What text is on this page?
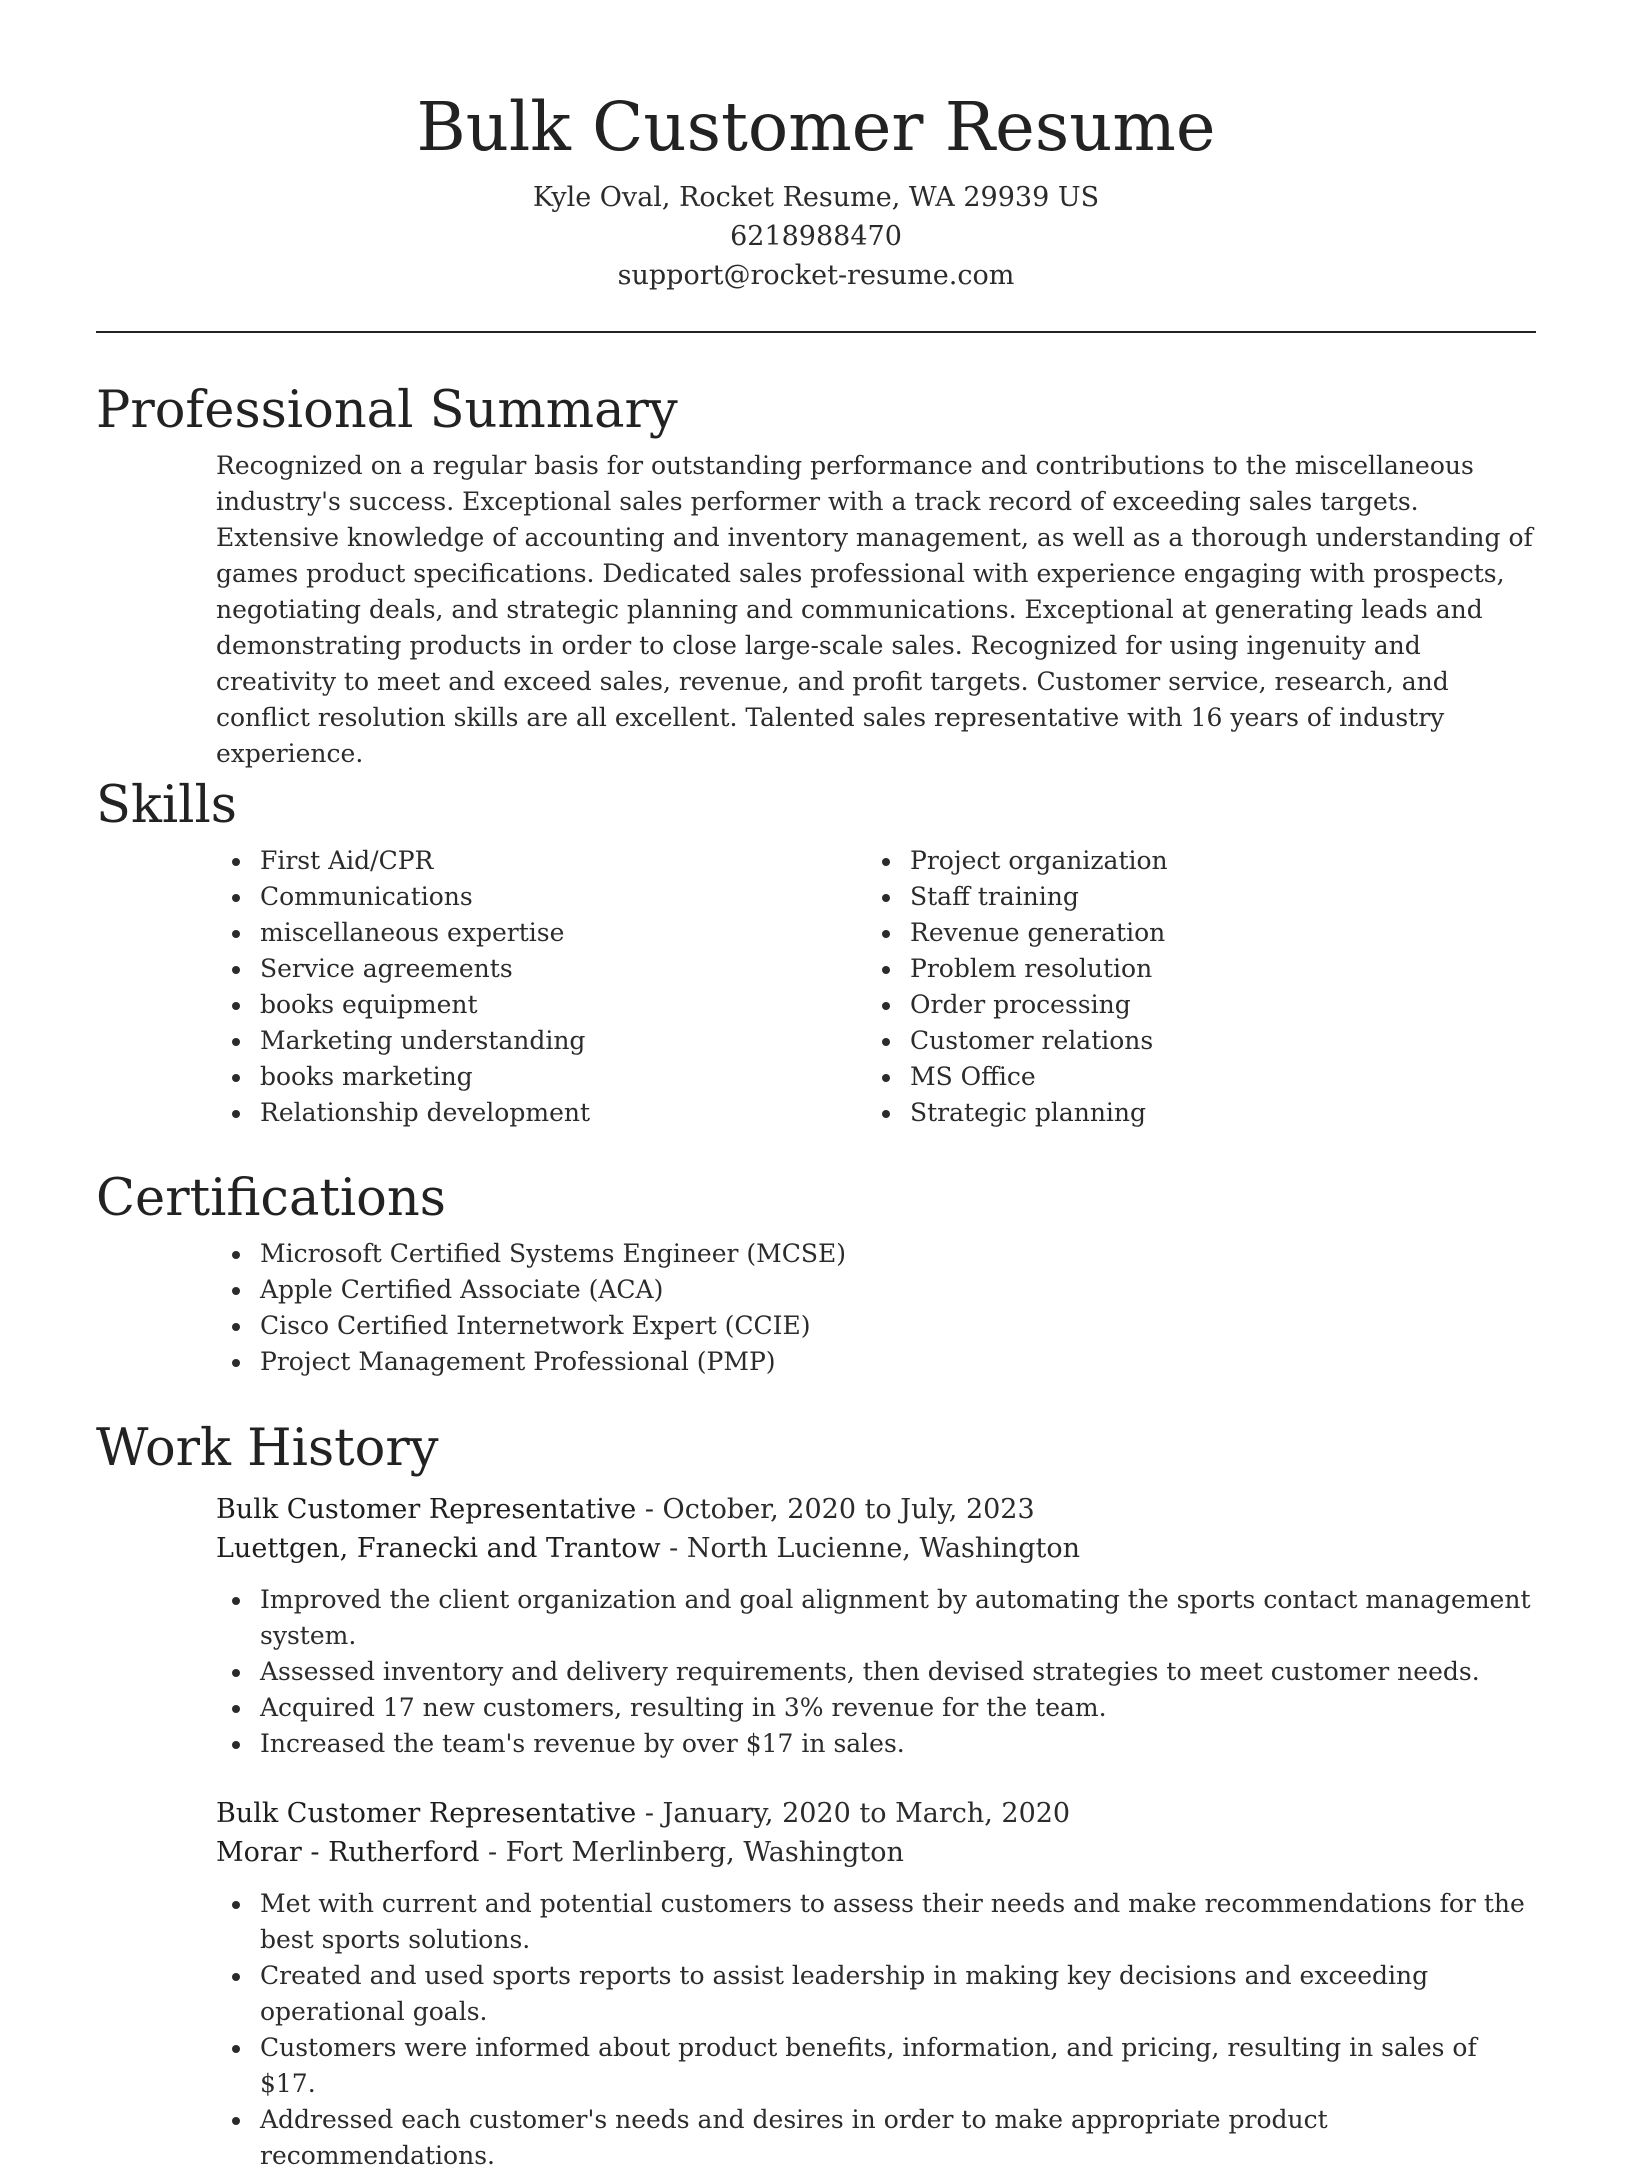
Bulk Customer Resume
Kyle Oval, Rocket Resume, WA 29939 US
6218988470
support@rocket-resume.com
Professional Summary

Recognized on a regular basis for outstanding performance and contributions to the miscellaneous industry's success. Exceptional sales performer with a track record of exceeding sales targets. Extensive knowledge of accounting and inventory management, as well as a thorough understanding of games product specifications. Dedicated sales professional with experience engaging with prospects, negotiating deals, and strategic planning and communications. Exceptional at generating leads and demonstrating products in order to close large-scale sales. Recognized for using ingenuity and creativity to meet and exceed sales, revenue, and profit targets. Customer service, research, and conflict resolution skills are all excellent. Talented sales representative with 16 years of industry experience.

Skills
First Aid/CPR
Communications
miscellaneous expertise
Service agreements
books equipment
Marketing understanding
books marketing
Relationship development
Project organization
Staff training
Revenue generation
Problem resolution
Order processing
Customer relations
MS Office
Strategic planning
Certifications
Microsoft Certified Systems Engineer (MCSE)
Apple Certified Associate (ACA)
Cisco Certified Internetwork Expert (CCIE)
Project Management Professional (PMP)
Work History
Bulk Customer Representative - October, 2020 to July, 2023
Luettgen, Franecki and Trantow - North Lucienne, Washington
Improved the client organization and goal alignment by automating the sports contact management system.
Assessed inventory and delivery requirements, then devised strategies to meet customer needs.
Acquired 17 new customers, resulting in 3% revenue for the team.
Increased the team's revenue by over $17 in sales.
Bulk Customer Representative - January, 2020 to March, 2020
Morar - Rutherford - Fort Merlinberg, Washington
Met with current and potential customers to assess their needs and make recommendations for the best sports solutions.
Created and used sports reports to assist leadership in making key decisions and exceeding operational goals.
Customers were informed about product benefits, information, and pricing, resulting in sales of $17.
Addressed each customer's needs and desires in order to make appropriate product recommendations.
